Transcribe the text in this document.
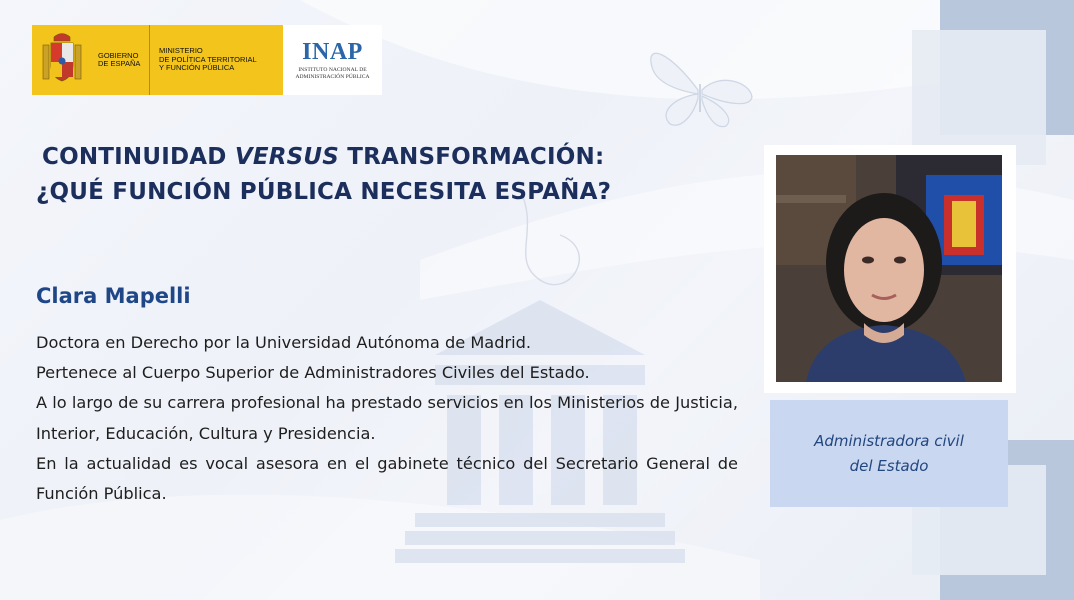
GOBIERNO
DE ESPAÑA
MINISTERIO
DE POLÍTICA TERRITORIAL
Y FUNCIÓN PÚBLICA
INAP
INSTITUTO NACIONAL DE
ADMINISTRACIÓN PÚBLICA
CONTINUIDAD VERSUS TRANSFORMACIÓN:
¿QUÉ FUNCIÓN PÚBLICA NECESITA ESPAÑA?
Clara Mapelli

Doctora en Derecho por la Universidad Autónoma de Madrid.

Pertenece al Cuerpo Superior de Administradores Civiles del Estado.

A lo largo de su carrera profesional ha prestado servicios en los Ministerios de Justicia, Interior, Educación, Cultura y Presidencia.

En la actualidad es vocal asesora en el gabinete técnico del Secretario General de Función Pública.

Administradora civil
del Estado
